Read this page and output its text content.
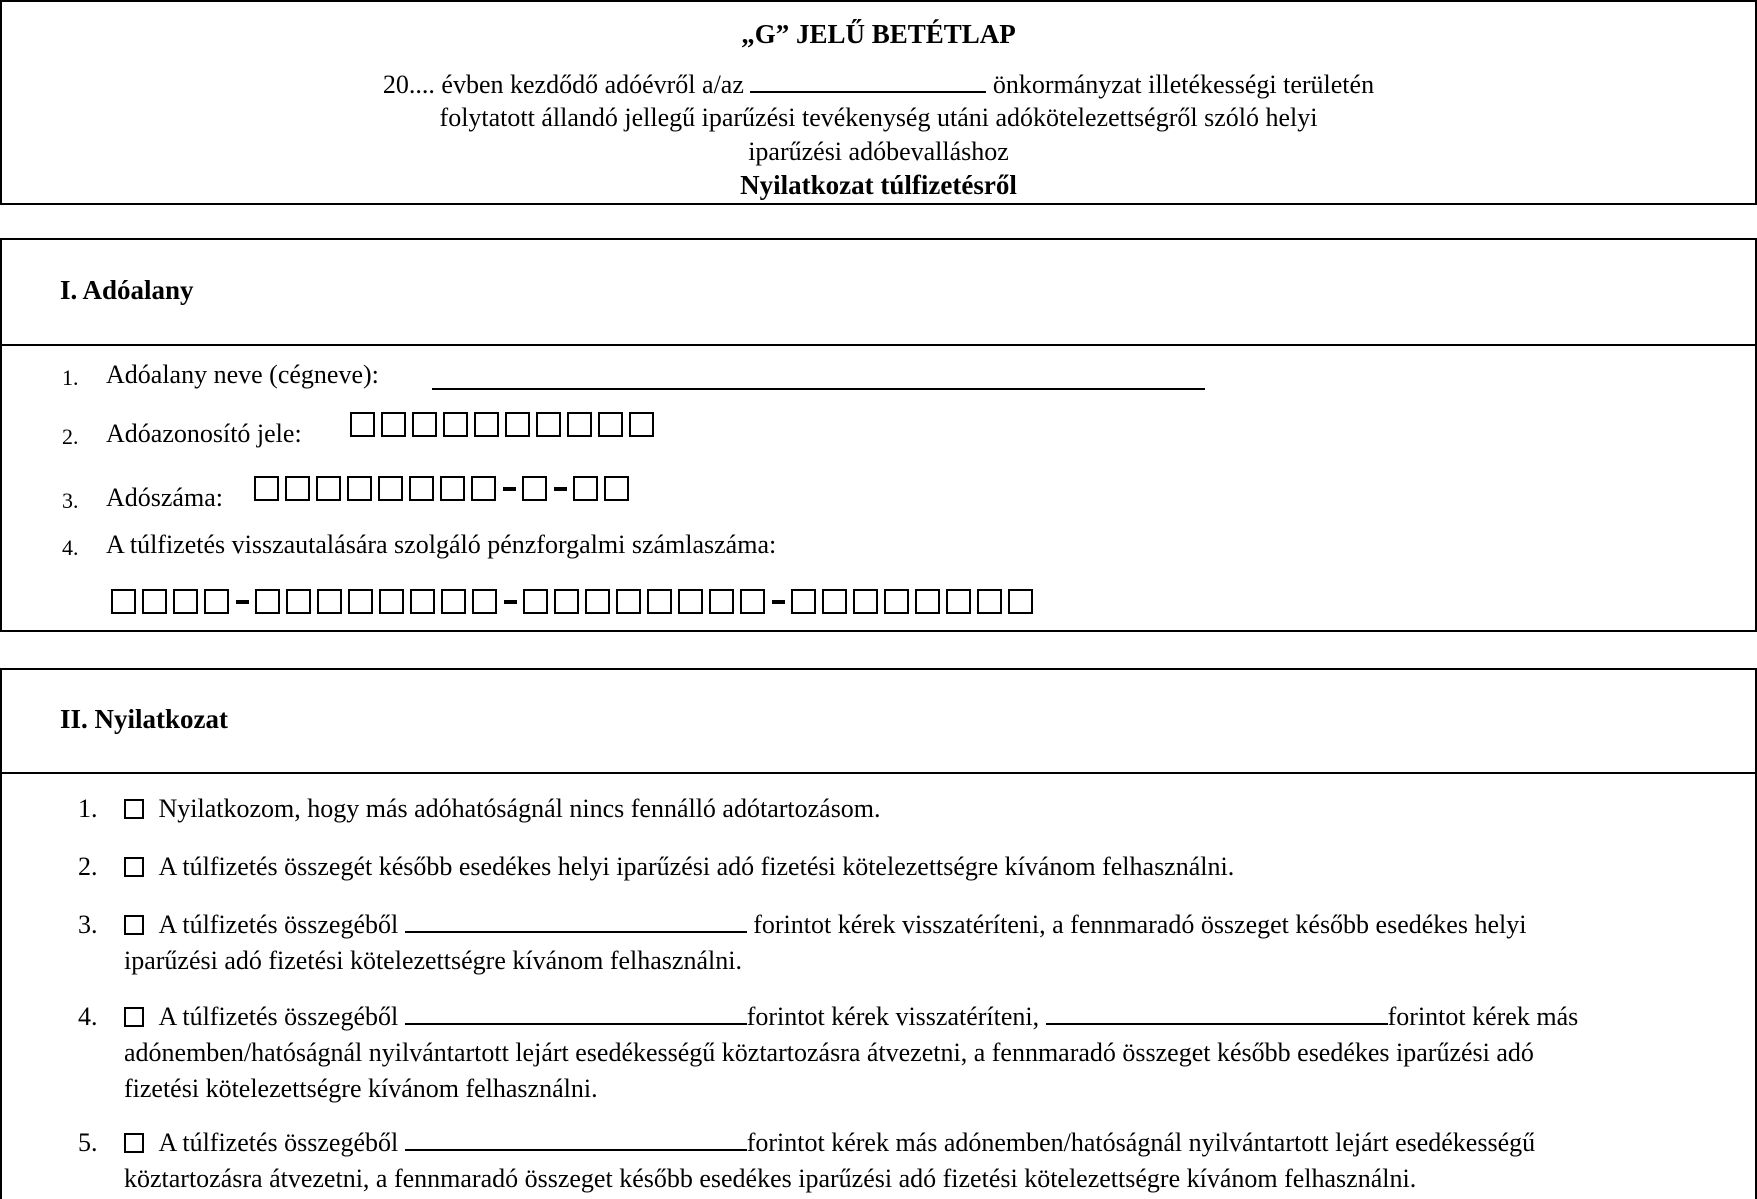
„G” JELŰ BETÉTLAP
20.... évben kezdődő adóévről a/az	önkormányzat illetékességi területén
folytatott állandó jellegű iparűzési tevékenység utáni adókötelezettségről szóló helyi
iparűzési adóbevalláshoz
Nyilatkozat túlfizetésről
I. Adóalany
1. Adóalany neve (cégneve):
2. Adóazonosító jele:
3. Adószáma:
4. A túlfizetés visszautalására szolgáló pénzforgalmi számlaszáma:
II. Nyilatkozat
1. Nyilatkozom, hogy más adóhatóságnál nincs fennálló adótartozásom.
2. A túlfizetés összegét később esedékes helyi iparűzési adó fizetési kötelezettségre kívánom felhasználni.
3. A túlfizetés összegéből	forintot kérek visszatéríteni, a fennmaradó összeget később esedékes helyi
iparűzési adó fizetési kötelezettségre kívánom felhasználni.
4. A túlfizetés összegéből	forintot kérek visszatéríteni,	forintot kérek más
adónemben/hatóságnál nyilvántartott lejárt esedékességű köztartozásra átvezetni, a fennmaradó összeget később esedékes iparűzési adó
fizetési kötelezettségre kívánom felhasználni.
5. A túlfizetés összegéből	forintot kérek más adónemben/hatóságnál nyilvántartott lejárt esedékességű
köztartozásra átvezetni, a fennmaradó összeget később esedékes iparűzési adó fizetési kötelezettségre kívánom felhasználni.
